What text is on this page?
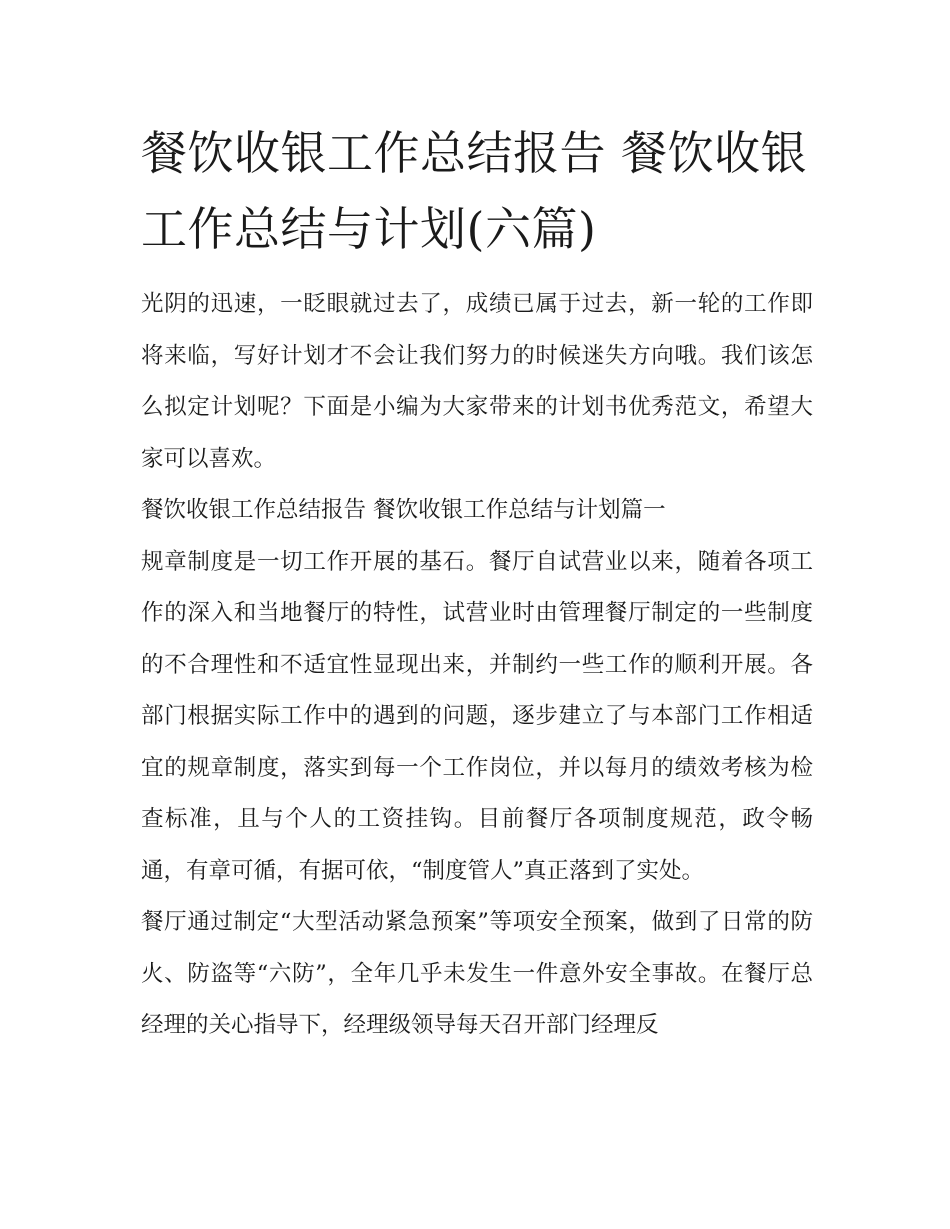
餐饮收银工作总结报告 餐饮收银工作总结与计划(六篇)

光阴的迅速，一眨眼就过去了，成绩已属于过去，新一轮的工作即将来临，写好计划才不会让我们努力的时候迷失方向哦。我们该怎么拟定计划呢？下面是小编为大家带来的计划书优秀范文，希望大家可以喜欢。

餐饮收银工作总结报告 餐饮收银工作总结与计划篇一

规章制度是一切工作开展的基石。餐厅自试营业以来，随着各项工作的深入和当地餐厅的特性，试营业时由管理餐厅制定的一些制度的不合理性和不适宜性显现出来，并制约一些工作的顺利开展。各部门根据实际工作中的遇到的问题，逐步建立了与本部门工作相适宜的规章制度，落实到每一个工作岗位，并以每月的绩效考核为检查标准，且与个人的工资挂钩。目前餐厅各项制度规范，政令畅通，有章可循，有据可依，“制度管人”真正落到了实处。

餐厅通过制定“大型活动紧急预案”等项安全预案，做到了日常的防火、防盗等“六防”，全年几乎未发生一件意外安全事故。在餐厅总经理的关心指导下，经理级领导每天召开部门经理反
